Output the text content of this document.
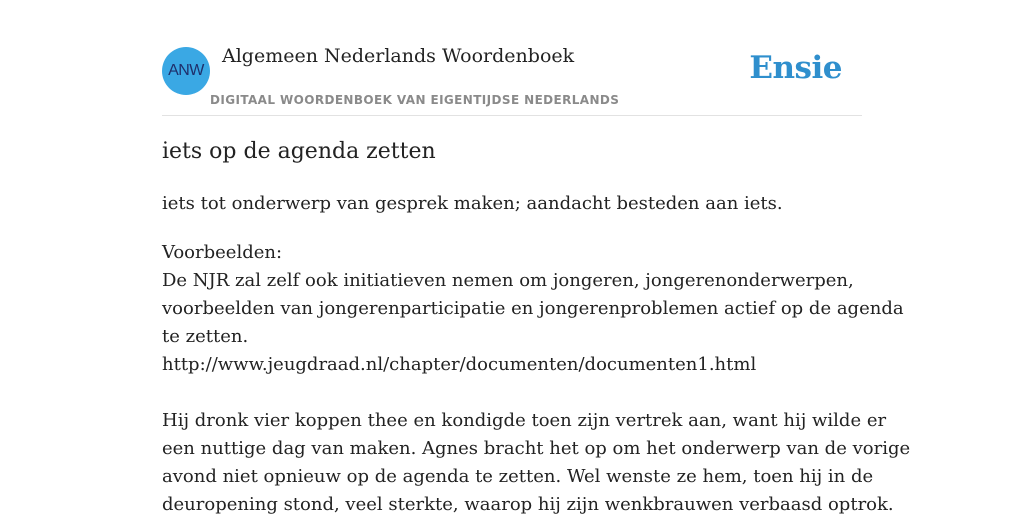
ANW
Algemeen Nederlands Woordenboek
DIGITAAL WOORDENBOEK VAN EIGENTIJDSE NEDERLANDS
Ensie
iets op de agenda zetten
iets tot onderwerp van gesprek maken; aandacht besteden aan iets.
Voorbeelden:
De NJR zal zelf ook initiatieven nemen om jongeren, jongerenonderwerpen,
voorbeelden van jongerenparticipatie en jongerenproblemen actief op de agenda
te zetten.
http://www.jeugdraad.nl/chapter/documenten/documenten1.html
Hij dronk vier koppen thee en kondigde toen zijn vertrek aan, want hij wilde er
een nuttige dag van maken. Agnes bracht het op om het onderwerp van de vorige
avond niet opnieuw op de agenda te zetten. Wel wenste ze hem, toen hij in de
deuropening stond, veel sterkte, waarop hij zijn wenkbrauwen verbaasd optrok.
